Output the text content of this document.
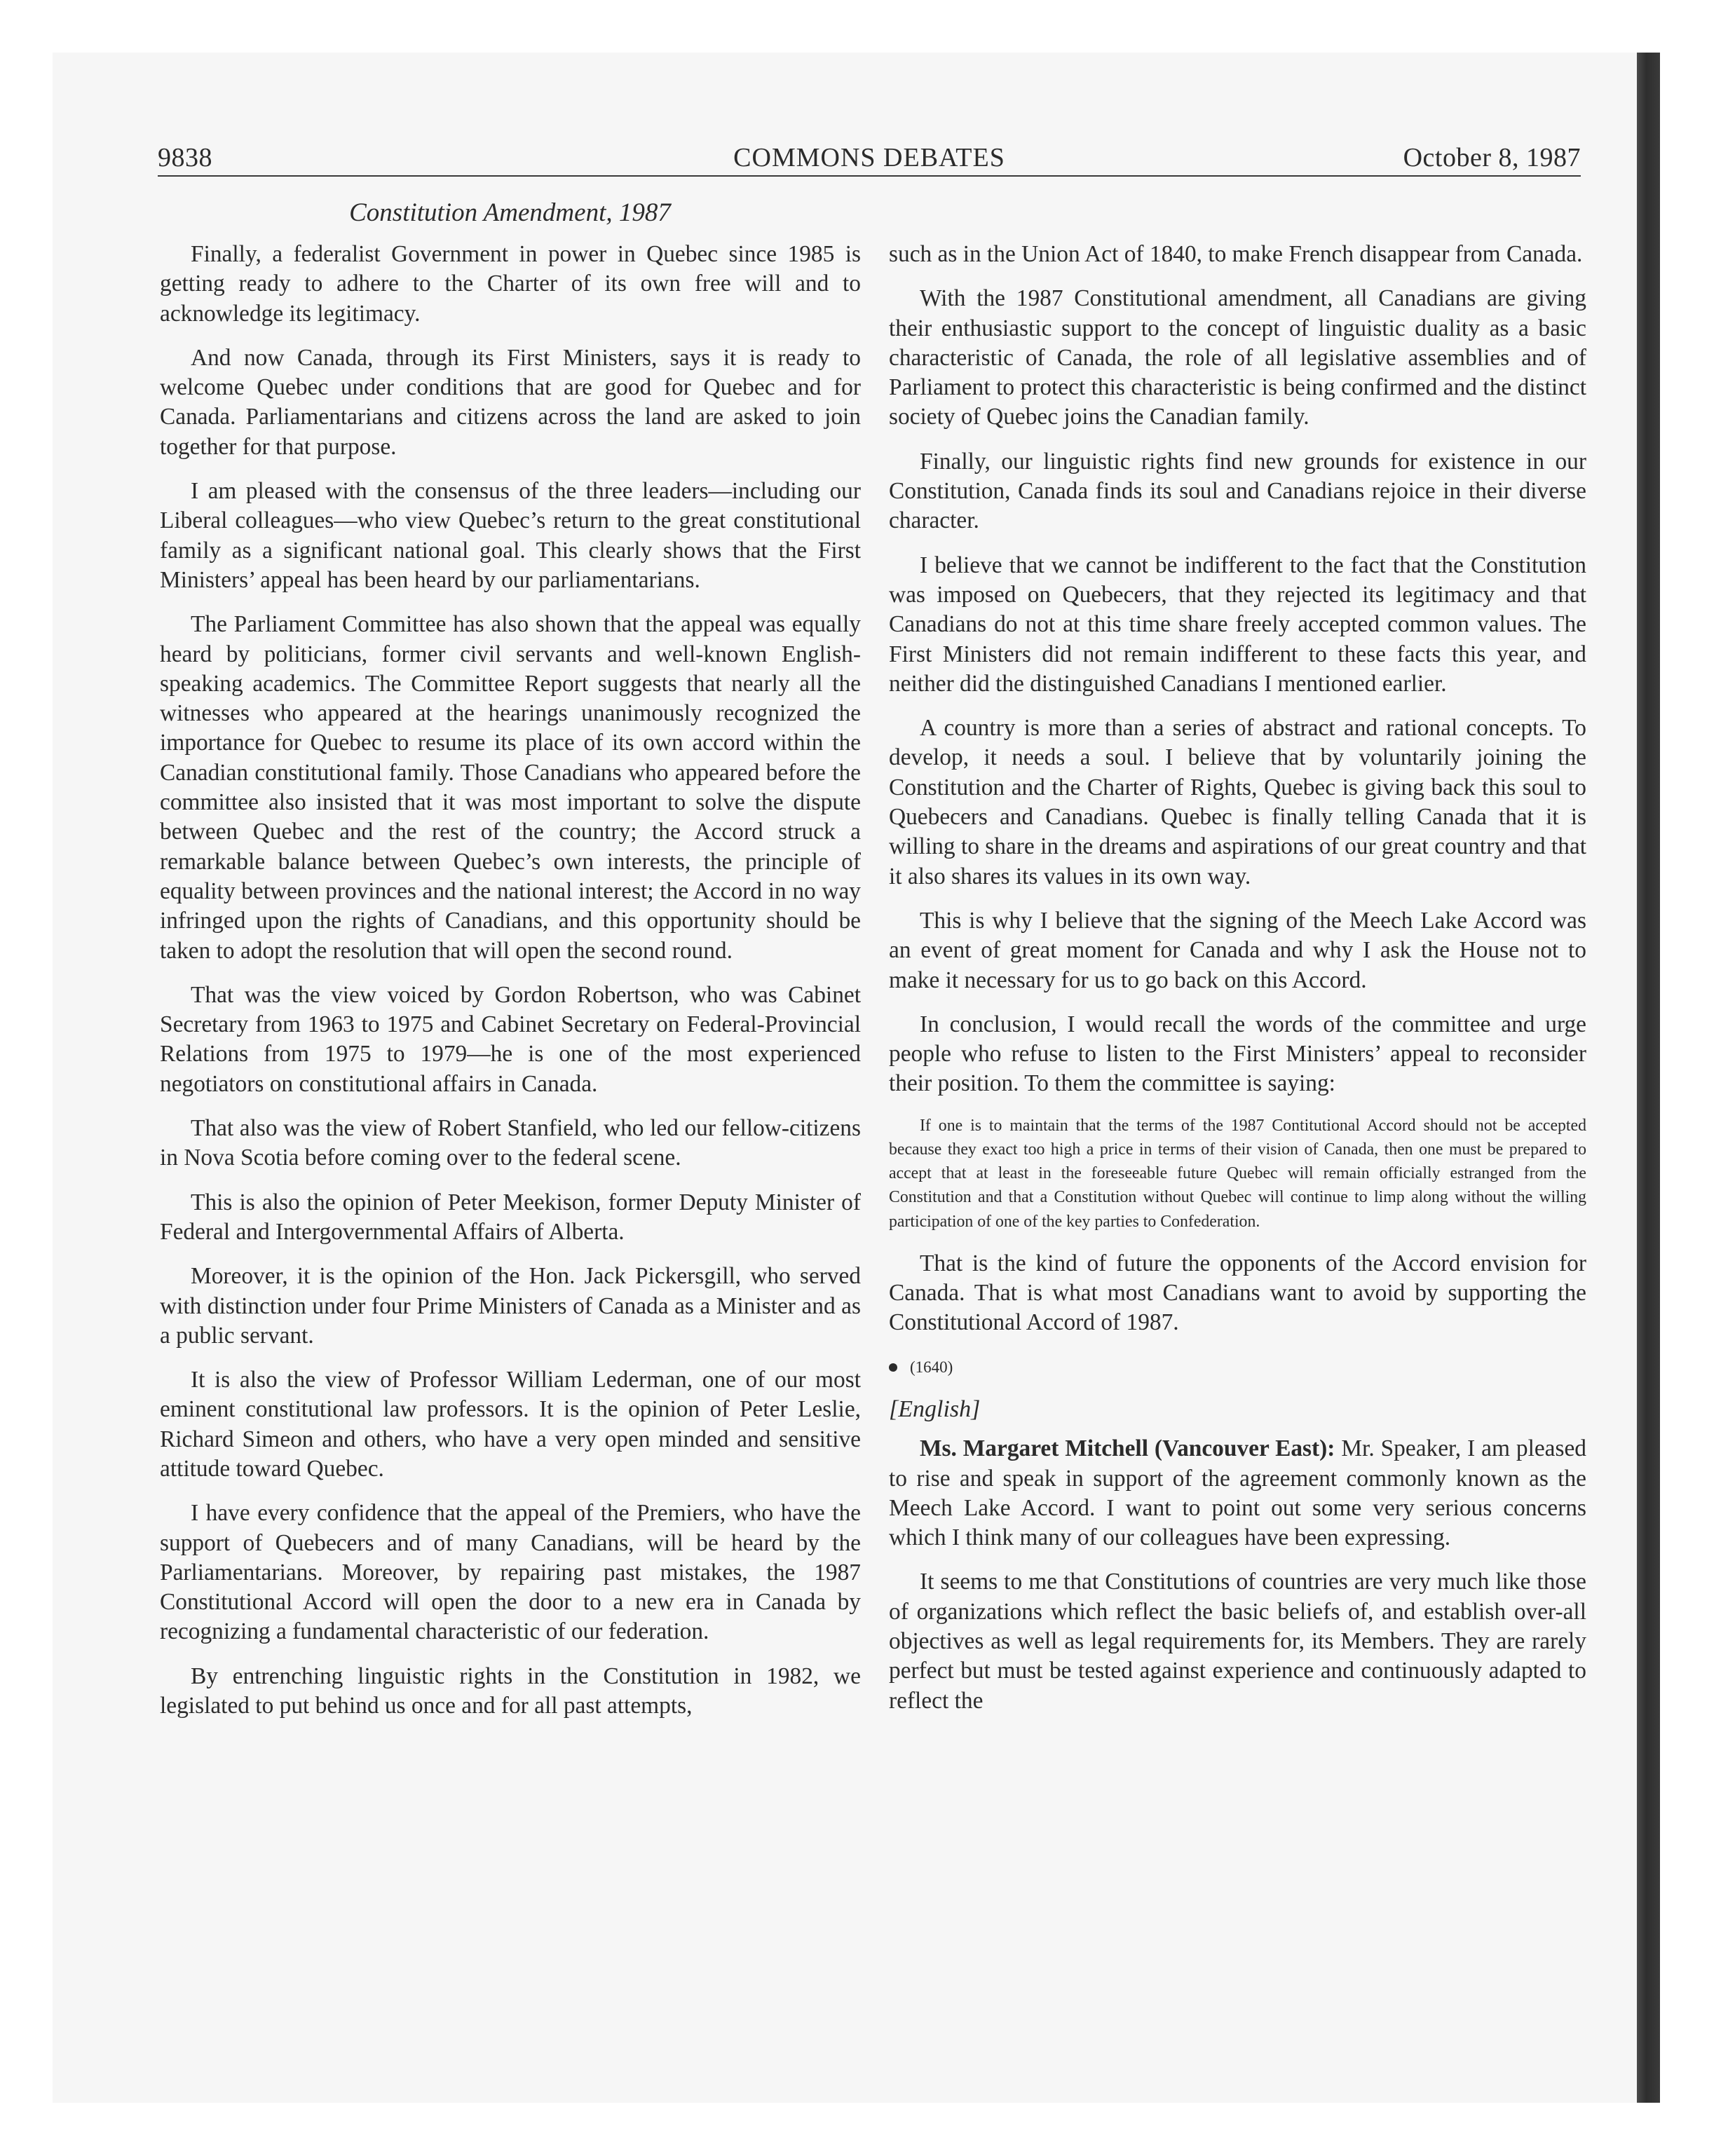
9838	COMMONS DEBATES	October 8, 1987
Constitution Amendment, 1987

Finally, a federalist Government in power in Quebec since 1985 is getting ready to adhere to the Charter of its own free will and to acknowledge its legitimacy.

And now Canada, through its First Ministers, says it is ready to welcome Quebec under conditions that are good for Quebec and for Canada. Parliamentarians and citizens across the land are asked to join together for that purpose.

I am pleased with the consensus of the three leaders—including our Liberal colleagues—who view Quebec’s return to the great constitutional family as a significant national goal. This clearly shows that the First Ministers’ appeal has been heard by our parliamentarians.

The Parliament Committee has also shown that the appeal was equally heard by politicians, former civil servants and well-known English-speaking academics. The Committee Report suggests that nearly all the witnesses who appeared at the hearings unanimously recognized the importance for Quebec to resume its place of its own accord within the Canadian constitutional family. Those Canadians who appeared before the committee also insisted that it was most important to solve the dispute between Quebec and the rest of the country; the Accord struck a remarkable balance between Quebec’s own interests, the principle of equality between provinces and the national interest; the Accord in no way infringed upon the rights of Canadians, and this opportunity should be taken to adopt the resolution that will open the second round.

That was the view voiced by Gordon Robertson, who was Cabinet Secretary from 1963 to 1975 and Cabinet Secretary on Federal-Provincial Relations from 1975 to 1979—he is one of the most experienced negotiators on constitutional affairs in Canada.

That also was the view of Robert Stanfield, who led our fellow-citizens in Nova Scotia before coming over to the federal scene.

This is also the opinion of Peter Meekison, former Deputy Minister of Federal and Intergovernmental Affairs of Alberta.

Moreover, it is the opinion of the Hon. Jack Pickersgill, who served with distinction under four Prime Ministers of Canada as a Minister and as a public servant.

It is also the view of Professor William Lederman, one of our most eminent constitutional law professors. It is the opinion of Peter Leslie, Richard Simeon and others, who have a very open minded and sensitive attitude toward Quebec.

I have every confidence that the appeal of the Premiers, who have the support of Quebecers and of many Canadians, will be heard by the Parliamentarians. Moreover, by repairing past mistakes, the 1987 Constitutional Accord will open the door to a new era in Canada by recognizing a fundamental characteristic of our federation.

By entrenching linguistic rights in the Constitution in 1982, we legislated to put behind us once and for all past attempts,

such as in the Union Act of 1840, to make French disappear from Canada.

With the 1987 Constitutional amendment, all Canadians are giving their enthusiastic support to the concept of linguistic duality as a basic characteristic of Canada, the role of all legislative assemblies and of Parliament to protect this characteristic is being confirmed and the distinct society of Quebec joins the Canadian family.

Finally, our linguistic rights find new grounds for existence in our Constitution, Canada finds its soul and Canadians rejoice in their diverse character.

I believe that we cannot be indifferent to the fact that the Constitution was imposed on Quebecers, that they rejected its legitimacy and that Canadians do not at this time share freely accepted common values. The First Ministers did not remain indifferent to these facts this year, and neither did the distinguished Canadians I mentioned earlier.

A country is more than a series of abstract and rational concepts. To develop, it needs a soul. I believe that by voluntarily joining the Constitution and the Charter of Rights, Quebec is giving back this soul to Quebecers and Canadians. Quebec is finally telling Canada that it is willing to share in the dreams and aspirations of our great country and that it also shares its values in its own way.

This is why I believe that the signing of the Meech Lake Accord was an event of great moment for Canada and why I ask the House not to make it necessary for us to go back on this Accord.

In conclusion, I would recall the words of the committee and urge people who refuse to listen to the First Ministers’ appeal to reconsider their position. To them the committee is saying:

If one is to maintain that the terms of the 1987 Contitutional Accord should not be accepted because they exact too high a price in terms of their vision of Canada, then one must be prepared to accept that at least in the foreseeable future Quebec will remain officially estranged from the Constitution and that a Constitution without Quebec will continue to limp along without the willing participation of one of the key parties to Confederation.

That is the kind of future the opponents of the Accord envision for Canada. That is what most Canadians want to avoid by supporting the Constitutional Accord of 1987.

(1640)
[English]

Ms. Margaret Mitchell (Vancouver East): Mr. Speaker, I am pleased to rise and speak in support of the agreement commonly known as the Meech Lake Accord. I want to point out some very serious concerns which I think many of our colleagues have been expressing.

It seems to me that Constitutions of countries are very much like those of organizations which reflect the basic beliefs of, and establish over-all objectives as well as legal requirements for, its Members. They are rarely perfect but must be tested against experience and continuously adapted to reflect the
